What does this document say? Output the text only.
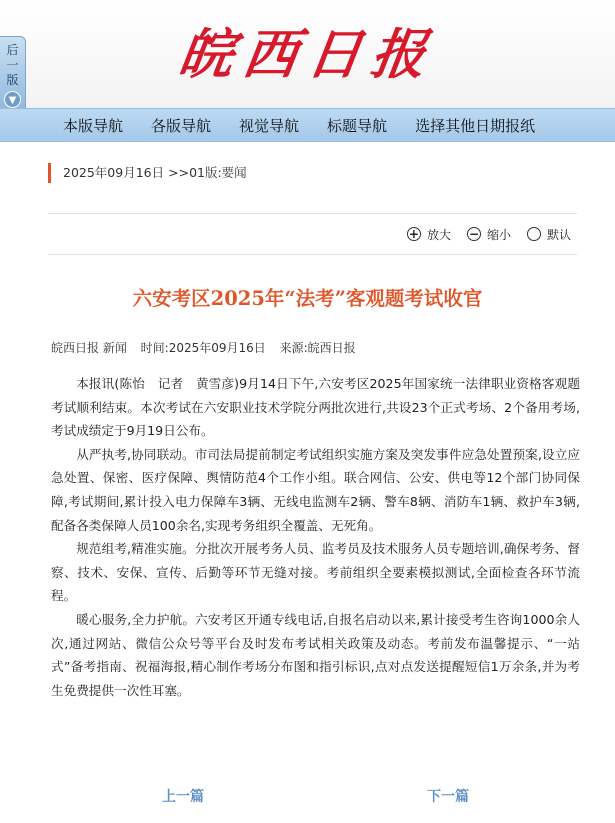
皖西日报
后
一
版
▼
本版导航 各版导航 视觉导航 标题导航 选择其他日期报纸
2025年09月16日 >>01版:要闻
+ 放大 − 缩小	默认
六安考区2025年“法考”客观题考试收官
皖西日报 新闻 时间:2025年09月16日 来源:皖西日报

本报讯(陈怡　记者　黄雪彦)9月14日下午,六安考区2025年国家统一法律职业资格客观题考试顺利结束。本次考试在六安职业技术学院分两批次进行,共设23个正式考场、2个备用考场,考试成绩定于9月19日公布。

从严执考,协同联动。市司法局提前制定考试组织实施方案及突发事件应急处置预案,设立应急处置、保密、医疗保障、舆情防范4个工作小组。联合网信、公安、供电等12个部门协同保障,考试期间,累计投入电力保障车3辆、无线电监测车2辆、警车8辆、消防车1辆、救护车3辆,配备各类保障人员100余名,实现考务组织全覆盖、无死角。

规范组考,精准实施。分批次开展考务人员、监考员及技术服务人员专题培训,确保考务、督察、技术、安保、宣传、后勤等环节无缝对接。考前组织全要素模拟测试,全面检查各环节流程。

暖心服务,全力护航。六安考区开通专线电话,自报名启动以来,累计接受考生咨询1000余人次,通过网站、微信公众号等平台及时发布考试相关政策及动态。考前发布温馨提示、“一站式”备考指南、祝福海报,精心制作考场分布图和指引标识,点对点发送提醒短信1万余条,并为考生免费提供一次性耳塞。

上一篇	下一篇
